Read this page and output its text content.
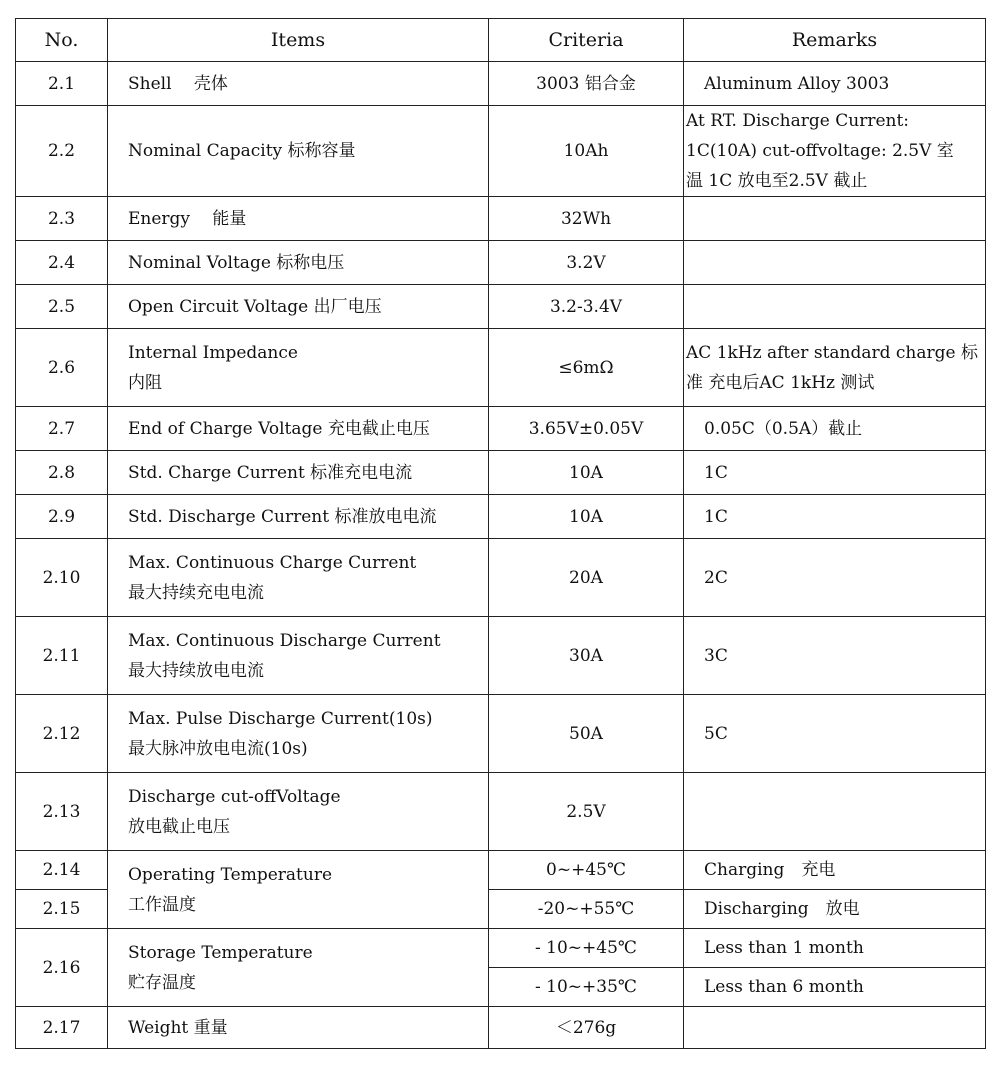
No.	Items	Criteria	Remarks
2.1	Shell　 壳体	3003 铝合金	Aluminum Alloy 3003

2.2	Nominal Capacity 标称容量	10Ah	At RT. Discharge Current:
1C(10A) cut-offvoltage: 2.5V 室
温 1C 放电至2.5V 截止

2.3	Energy　 能量	32Wh	
2.4	Nominal Voltage 标称电压	3.2V	
2.5	Open Circuit Voltage 出厂电压	3.2-3.4V	
2.6	Internal Impedance
内阻	≤6mΩ	AC 1kHz after standard charge 标
准 充电后AC 1kHz 测试

2.7	End of Charge Voltage 充电截止电压	3.65V±0.05V	0.05C（0.5A）截止

2.8	Std. Charge Current 标准充电电流	10A	1C

2.9	Std. Discharge Current 标准放电电流	10A	1C

2.10	Max. Continuous Charge Current
最大持续充电电流	20A	2C

2.11	Max. Continuous Discharge Current
最大持续放电电流	30A	3C

2.12	Max. Pulse Discharge Current(10s)
最大脉冲放电电流(10s)	50A	5C

2.13	Discharge cut-offVoltage
放电截止电压	2.5V	
2.14	Operating Temperature
工作温度	0~+45℃	Charging　充电
2.15		-20~+55℃	Discharging　放电
2.16	Storage Temperature
贮存温度	- 10~+45℃	Less than 1 month
		- 10~+35℃	Less than 6 month
2.17	Weight 重量	＜276g	
